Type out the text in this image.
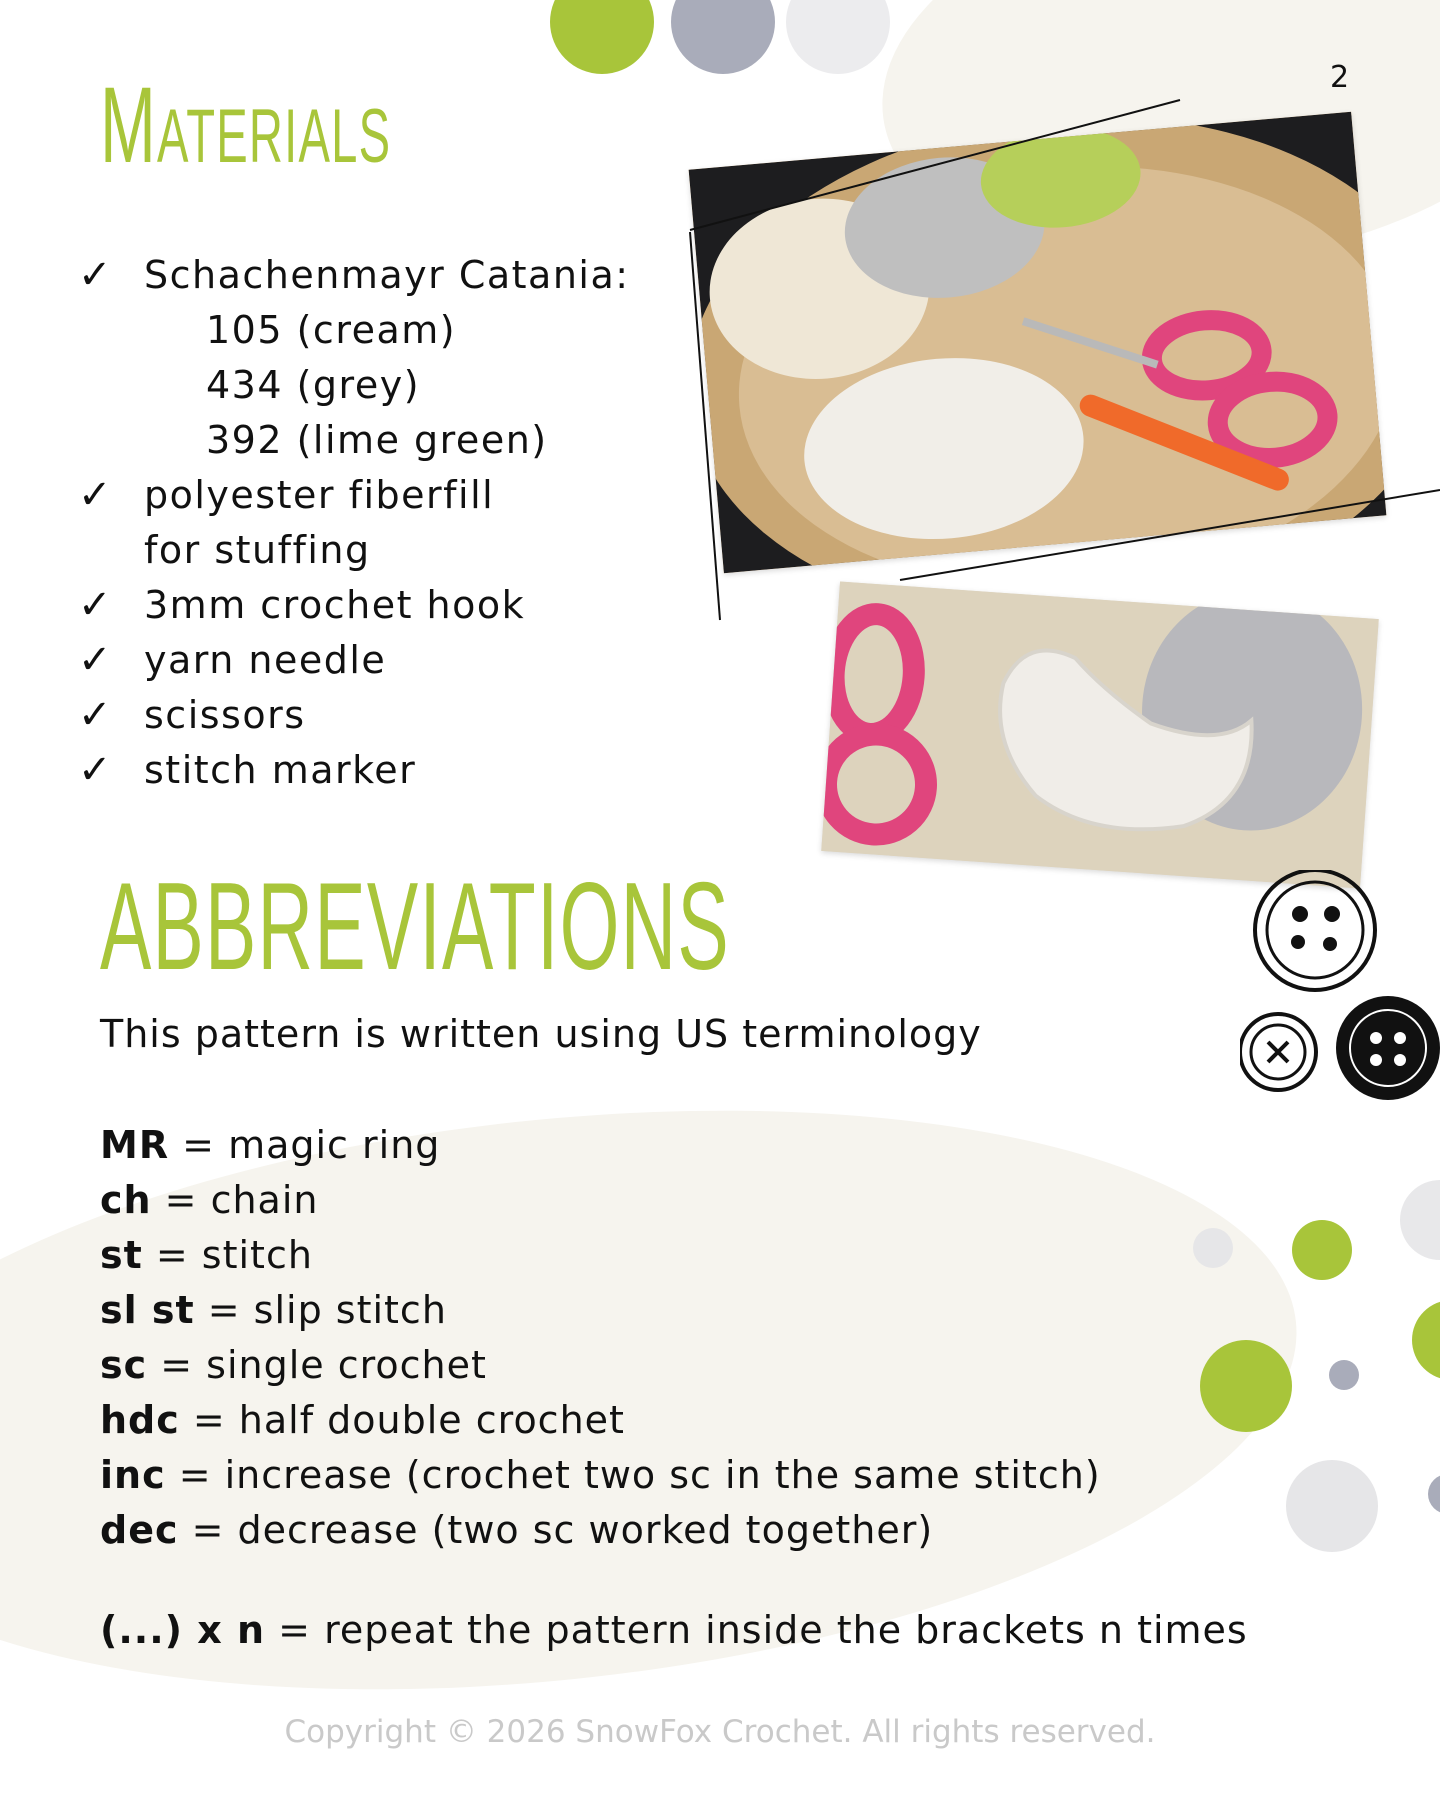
2
Materials
✓ Schachenmayr Catania:
105 (cream)
434 (grey)
392 (lime green)
✓ polyester fiberfill
for stuffing
✓ 3mm crochet hook
✓ yarn needle
✓ scissors
✓ stitch marker
ABBREVIATIONS
This pattern is written using US terminology
MR = magic ring
ch = chain
st = stitch
sl st = slip stitch
sc = single crochet
hdc = half double crochet
inc = increase (crochet two sc in the same stitch)
dec = decrease (two sc worked together)
(...) x n = repeat the pattern inside the brackets n times
Copyright © 2026 SnowFox Crochet. All rights reserved.
